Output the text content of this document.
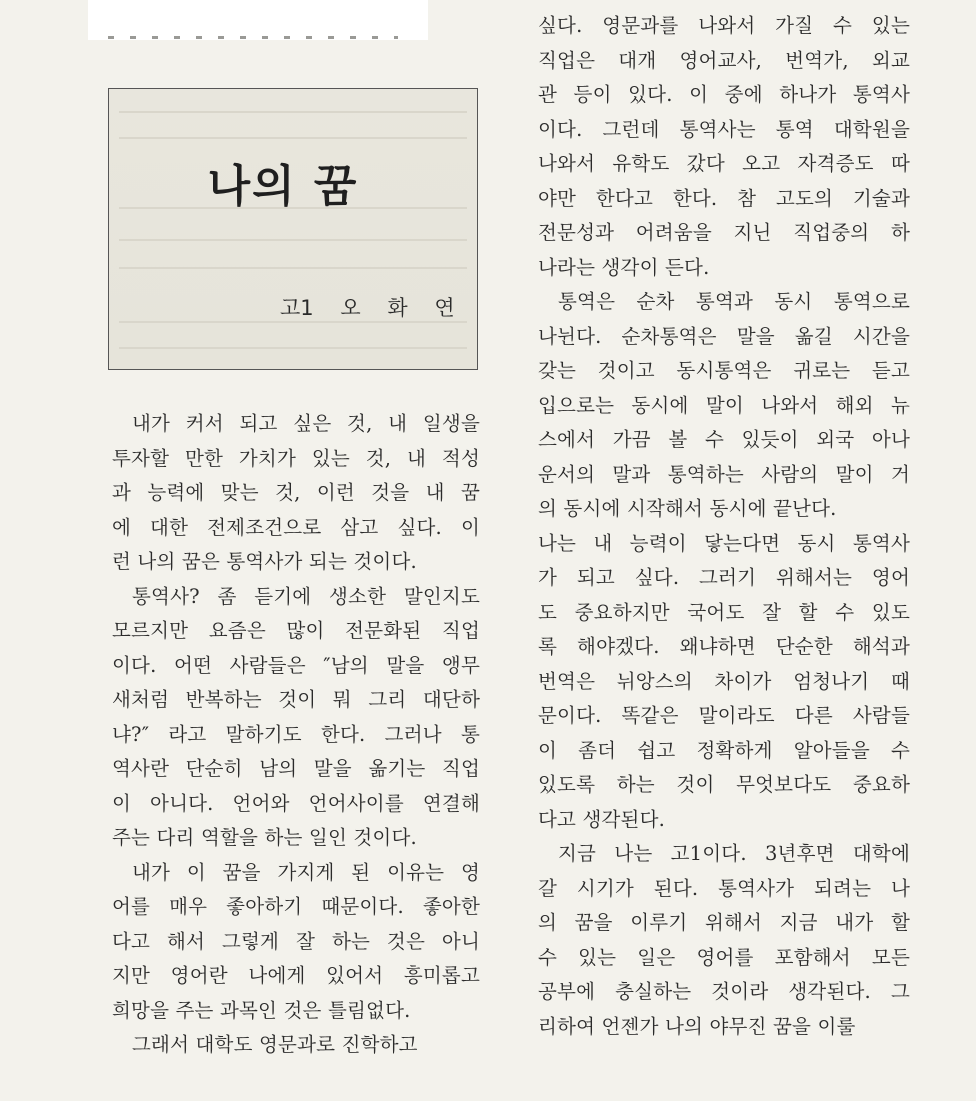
나의 꿈
고1 오 화 연
내가 커서 되고 싶은 것, 내 일생을
투자할 만한 가치가 있는 것, 내 적성
과 능력에 맞는 것, 이런 것을 내 꿈
에 대한 전제조건으로 삼고 싶다. 이
런 나의 꿈은 통역사가 되는 것이다.
통역사? 좀 듣기에 생소한 말인지도
모르지만 요즘은 많이 전문화된 직업
이다. 어떤 사람들은 ″남의 말을 앵무
새처럼 반복하는 것이 뭐 그리 대단하
냐?″ 라고 말하기도 한다. 그러나 통
역사란 단순히 남의 말을 옮기는 직업
이 아니다. 언어와 언어사이를 연결해
주는 다리 역할을 하는 일인 것이다.
내가 이 꿈을 가지게 된 이유는 영
어를 매우 좋아하기 때문이다. 좋아한
다고 해서 그렇게 잘 하는 것은 아니
지만 영어란 나에게 있어서 흥미롭고
희망을 주는 과목인 것은 틀림없다.
그래서 대학도 영문과로 진학하고
싶다. 영문과를 나와서 가질 수 있는
직업은 대개 영어교사, 번역가, 외교
관 등이 있다. 이 중에 하나가 통역사
이다. 그런데 통역사는 통역 대학원을
나와서 유학도 갔다 오고 자격증도 따
야만 한다고 한다. 참 고도의 기술과
전문성과 어려움을 지닌 직업중의 하
나라는 생각이 든다.
통역은 순차 통역과 동시 통역으로
나뉜다. 순차통역은 말을 옮길 시간을
갖는 것이고 동시통역은 귀로는 듣고
입으로는 동시에 말이 나와서 해외 뉴
스에서 가끔 볼 수 있듯이 외국 아나
운서의 말과 통역하는 사람의 말이 거
의 동시에 시작해서 동시에 끝난다.
나는 내 능력이 닿는다면 동시 통역사
가 되고 싶다. 그러기 위해서는 영어
도 중요하지만 국어도 잘 할 수 있도
록 해야겠다. 왜냐하면 단순한 해석과
번역은 뉘앙스의 차이가 엄청나기 때
문이다. 똑같은 말이라도 다른 사람들
이 좀더 쉽고 정확하게 알아들을 수
있도록 하는 것이 무엇보다도 중요하
다고 생각된다.
지금 나는 고1이다. 3년후면 대학에
갈 시기가 된다. 통역사가 되려는 나
의 꿈을 이루기 위해서 지금 내가 할
수 있는 일은 영어를 포함해서 모든
공부에 충실하는 것이라 생각된다. 그
리하여 언젠가 나의 야무진 꿈을 이룰
